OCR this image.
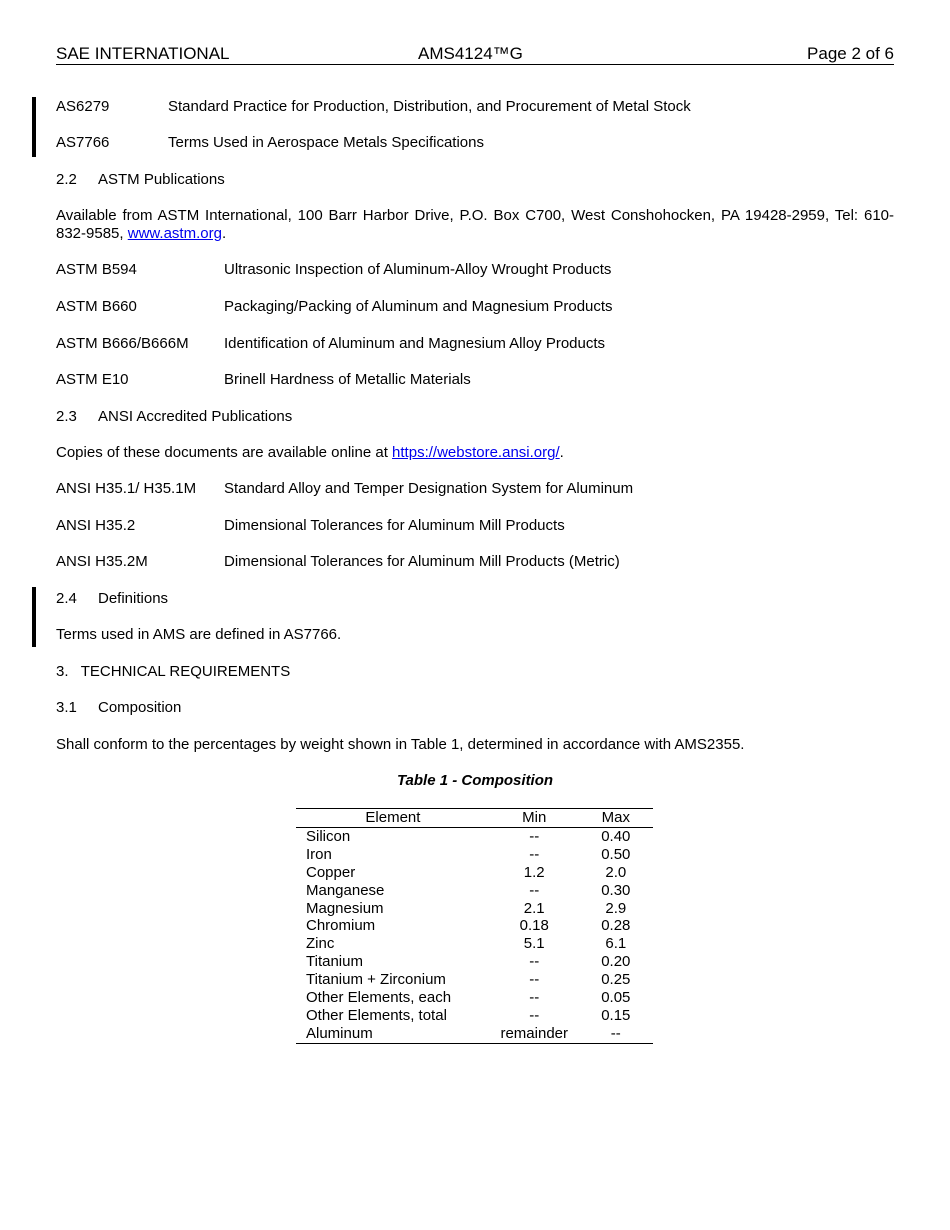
SAE INTERNATIONAL	AMS4124™G	Page 2 of 6
AS6279	Standard Practice for Production, Distribution, and Procurement of Metal Stock
AS7766	Terms Used in Aerospace Metals Specifications
2.2 ASTM Publications
Available from ASTM International, 100 Barr Harbor Drive, P.O. Box C700, West Conshohocken, PA 19428-2959, Tel: 610-832-9585, www.astm.org.
ASTM B594	Ultrasonic Inspection of Aluminum-Alloy Wrought Products
ASTM B660	Packaging/Packing of Aluminum and Magnesium Products
ASTM B666/B666M Identification of Aluminum and Magnesium Alloy Products
ASTM E10	Brinell Hardness of Metallic Materials
2.3 ANSI Accredited Publications
Copies of these documents are available online at https://webstore.ansi.org/.
ANSI H35.1/ H35.1M Standard Alloy and Temper Designation System for Aluminum
ANSI H35.2	Dimensional Tolerances for Aluminum Mill Products
ANSI H35.2M	Dimensional Tolerances for Aluminum Mill Products (Metric)
2.4 Definitions
Terms used in AMS are defined in AS7766.
3.   TECHNICAL REQUIREMENTS
3.1 Composition
Shall conform to the percentages by weight shown in Table 1, determined in accordance with AMS2355.
Table 1 - Composition
Element	Min	Max
Silicon	--	0.40
Iron	--	0.50
Copper	1.2	2.0
Manganese	--	0.30
Magnesium	2.1	2.9
Chromium	0.18	0.28
Zinc	5.1	6.1
Titanium	--	0.20
Titanium + Zirconium	--	0.25
Other Elements, each	--	0.05
Other Elements, total	--	0.15
Aluminum	remainder	--
